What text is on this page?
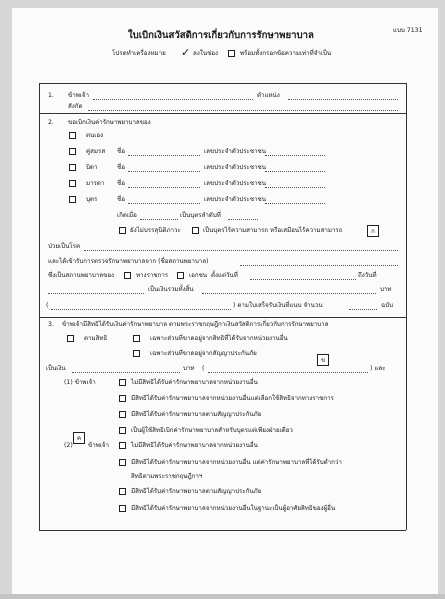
แบบ 7131
ใบเบิกเงินสวัสดิการเกี่ยวกับการรักษาพยาบาล
โปรดทำเครื่องหมาย ✓ ลงในช่อง	พร้อมทั้งกรอกข้อความเท่าที่จำเป็น
1. ข้าพเจ้า	ตำแหน่ง
สังกัด
2. ขอเบิกเงินค่ารักษาพยาบาลของ
ตนเอง
คู่สมรส ชื่อ	เลขประจำตัวประชาชน
บิดา	ชื่อ	เลขประจำตัวประชาชน
มารดา ชื่อ	เลขประจำตัวประชาชน
บุตร	ชื่อ	เลขประจำตัวประชาชน
เกิดเมื่อ	เป็นบุตรลำดับที่
ยังไม่บรรลุนิติภาวะ	เป็นบุตรไร้ความสามารถ หรือเสมือนไร้ความสามารถ	ก
ป่วยเป็นโรค
และได้เข้ารับการตรวจรักษาพยาบาลจาก (ชื่อสถานพยาบาล)
ซึ่งเป็นสถานพยาบาลของ	ทางราชการ	เอกชน ตั้งแต่วันที่	ถึงวันที่
เป็นเงินรวมทั้งสิ้น	บาท
(	) ตามใบเสร็จรับเงินที่แนบ จำนวน	ฉบับ
3. ข้าพเจ้ามีสิทธิได้รับเงินค่ารักษาพยาบาล ตามพระราชกฤษฎีกาเงินสวัสดิการเกี่ยวกับการรักษาพยาบาล
ตามสิทธิ	เฉพาะส่วนที่ขาดอยู่จากสิทธิที่ได้รับจากหน่วยงานอื่น
เฉพาะส่วนที่ขาดอยู่จากสัญญาประกันภัย
เป็นเงิน	บาท (
ข
) และ
(1) ข้าพเจ้า	ไม่มีสิทธิได้รับค่ารักษาพยาบาลจากหน่วยงานอื่น
มีสิทธิได้รับค่ารักษาพยาบาลจากหน่วยงานอื่นแต่เลือกใช้สิทธิจากทางราชการ
มีสิทธิได้รับค่ารักษาพยาบาลตามสัญญาประกันภัย
เป็นผู้ใช้สิทธิเบิกค่ารักษาพยาบาลสำหรับบุตรแต่เพียงฝ่ายเดียว
ค
(2) ข้าพเจ้า	ไม่มีสิทธิได้รับค่ารักษาพยาบาลจากหน่วยงานอื่น
มีสิทธิได้รับค่ารักษาพยาบาลจากหน่วยงานอื่น แต่ค่ารักษาพยาบาลที่ได้รับต่ำกว่า
สิทธิตามพระราชกฤษฎีกาฯ
มีสิทธิได้รับค่ารักษาพยาบาลตามสัญญาประกันภัย
มีสิทธิได้รับค่ารักษาพยาบาลจากหน่วยงานอื่นในฐานะเป็นผู้อาศัยสิทธิของผู้อื่น
